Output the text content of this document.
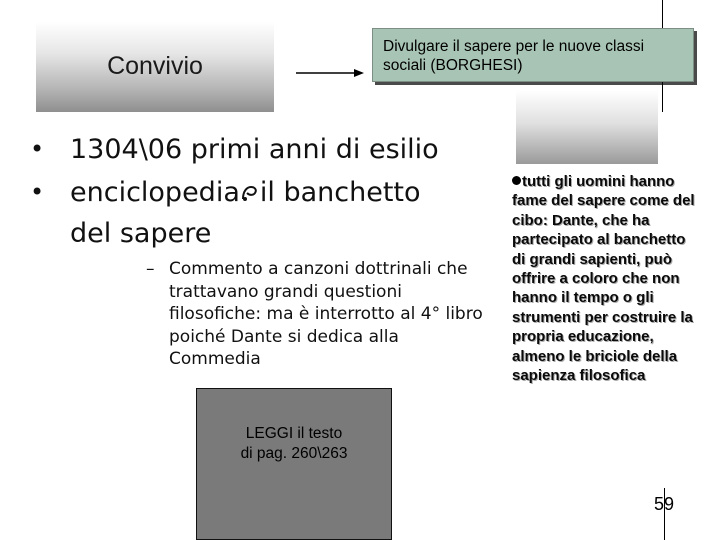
Convivio
Divulgare il sapere per le nuove classi sociali (BORGHESI)
• 1304\06 primi anni di esilio
• enciclopedia il banchetto
del sapere
– Commento a canzoni dottrinali che trattavano grandi questioni filosofiche: ma è interrotto al 4° libro poiché Dante si dedica alla Commedia
LEGGI il testo
di pag. 260\263
tutti gli uomini hanno fame del sapere come del cibo: Dante, che ha partecipato al banchetto di grandi sapienti, può offrire a coloro che non hanno il tempo o gli strumenti per costruire la propria educazione, almeno le briciole della sapienza filosofica
59
